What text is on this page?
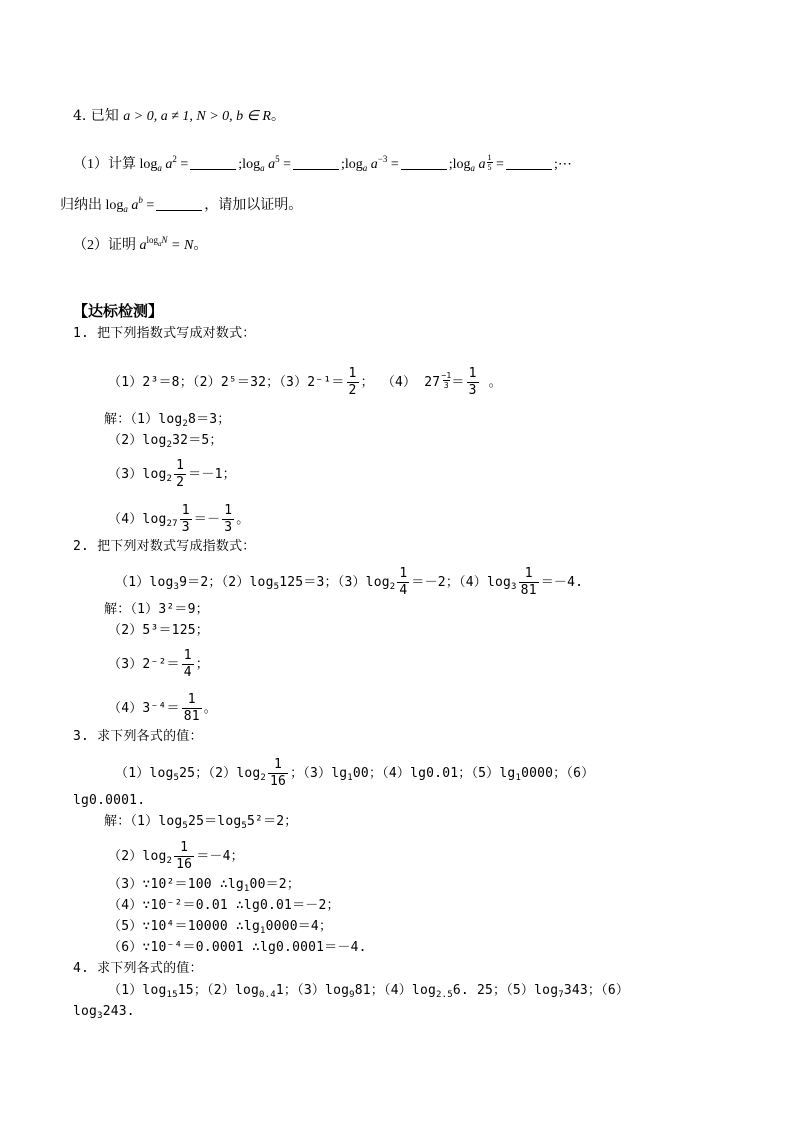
4. 已知 a > 0, a ≠ 1, N > 0, b ∈ R。
（1）计算 $\log_a a^2$ =	$;\log_a$ $a^5$ =	$;\log_a$ $a^{-3}$ =	$;\log_a$ a $\frac{1}{5}$ =	;⋯
归纳出 $\log_a a^b$ =	，请加以证明。
（2）证明 $a^{log_aN} = N$。
【达标检测】
1. 把下列指数式写成对数式：
（1）2³＝8；（2）2⁵＝32；$(3)2^{-1}= \frac{1}{2}$ ； （4） $27 \frac{-1}{3} = \frac{1}{3}$ 。
解：$(1)\log_28=3$；
$(2)\log_232=5$；
$(3)\log_2 \frac{1}{2} =-1$；
$(4)\log_{27} \frac{1}{3} =- \frac{1}{3}$ 。
2. 把下列对数式写成指数式：
$(1)\log_39=2$；$(2)\log_5125=3$；$(3)\log_2 \frac{1}{4} =-2$；$(4)\log_3 \frac{1}{81} =-4$.
解：（1）3²＝9；
（2）5³＝125；
$(3)2^{-2}= \frac{1}{4}$ ；
$(4)3^{-4}= \frac{1}{81}$ 。
3. 求下列各式的值：
$(1)\log_525$；$(2)\log_2 \frac{1}{16}$ ；$(3)\lg_100$；（4）lg0.01；$(5)\lg_10000$；（6）
lg0.0001.
解：$(1)\log_525=\log_55^2=2$；
$(2)\log_2 \frac{1}{16} =-4$；
（3）∵10²＝100 $\therefore\lg_100=2$；
（4）∵10⁻²＝0.01 ∴lg0.01＝－2；
（5）∵10⁴＝10000 $\therefore\lg_10000=4$；
（6）∵10⁻⁴＝0.0001 ∴lg0.0001＝－4.
4. 求下列各式的值：
$(1)\log_{15}15$；$(2)\log_{0.4}1$；$(3)\log_981$；$(4)\log_{2.5}6$. 25；$(5)\log_7343$；（6）
$\log_3243$.
